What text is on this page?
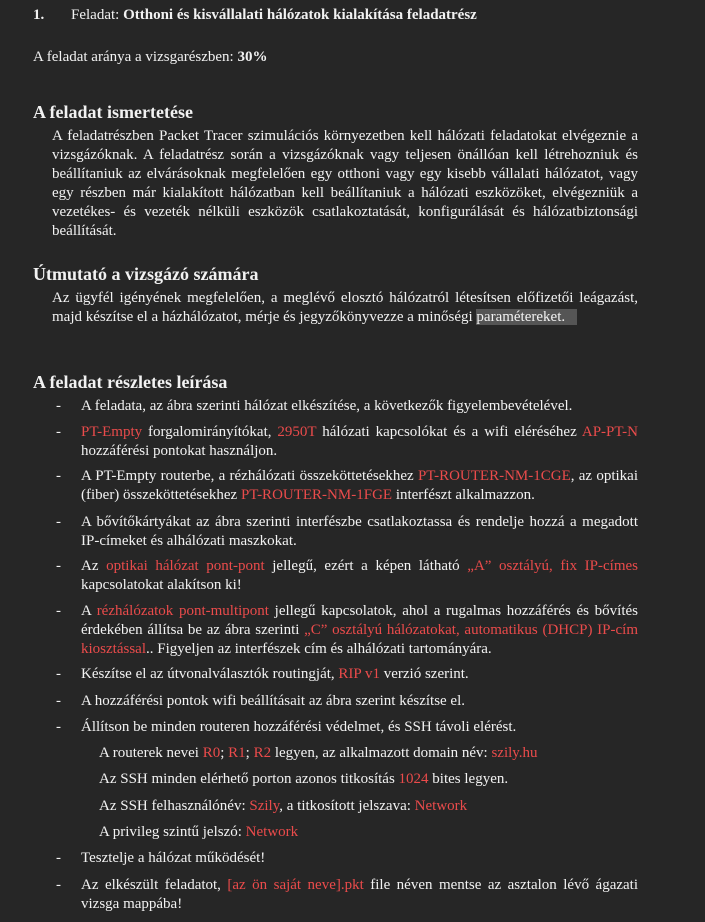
1. Feladat: Otthoni és kisvállalati hálózatok kialakítása feladatrész
A feladat aránya a vizsgarészben: 30%
A feladat ismertetése
A feladatrészben Packet Tracer szimulációs környezetben kell hálózati feladatokat elvégeznie a vizsgázóknak. A feladatrész során a vizsgázóknak vagy teljesen önállóan kell létrehozniuk és beállítaniuk az elvárásoknak megfelelően egy otthoni vagy egy kisebb vállalati hálózatot, vagy egy részben már kialakított hálózatban kell beállítaniuk a hálózati eszközöket, elvégezniük a vezetékes- és vezeték nélküli eszközök csatlakoztatását, konfigurálását és hálózatbiztonsági beállítását.
Útmutató a vizsgázó számára
Az ügyfél igényének megfelelően, a meglévő elosztó hálózatról létesítsen előfizetői leágazást, majd készítse el a házhálózatot, mérje és jegyzőkönyvezze a minőségi paramétereket.
A feladat részletes leírása
- A feladata, az ábra szerinti hálózat elkészítése, a következők figyelembevételével.
- PT-Empty forgalomirányítókat, 2950T hálózati kapcsolókat és a wifi eléréséhez AP-PT-N hozzáférési pontokat használjon.
- A PT-Empty routerbe, a rézhálózati összeköttetésekhez PT-ROUTER-NM-1CGE, az optikai (fiber) összeköttetésekhez PT-ROUTER-NM-1FGE interfészt alkalmazzon.
- A bővítőkártyákat az ábra szerinti interfészbe csatlakoztassa és rendelje hozzá a megadott IP-címeket és alhálózati maszkokat.
- Az optikai hálózat pont-pont jellegű, ezért a képen látható „A” osztályú, fix IP-címes kapcsolatokat alakítson ki!
- A rézhálózatok pont-multipont jellegű kapcsolatok, ahol a rugalmas hozzáférés és bővítés érdekében állítsa be az ábra szerinti „C” osztályú hálózatokat, automatikus (DHCP) IP-cím kiosztással.. Figyeljen az interfészek cím és alhálózati tartományára.
- Készítse el az útvonalválasztók routingját, RIP v1 verzió szerint.
- A hozzáférési pontok wifi beállításait az ábra szerint készítse el.
- Állítson be minden routeren hozzáférési védelmet, és SSH távoli elérést.
- Tesztelje a hálózat működését!
- Az elkészült feladatot, [az ön saját neve].pkt file néven mentse az asztalon lévő ágazati vizsga mappába!
A routerek nevei R0; R1; R2 legyen, az alkalmazott domain név: szily.hu
Az SSH minden elérhető porton azonos titkosítás 1024 bites legyen.
Az SSH felhasználónév: Szily, a titkosított jelszava: Network
A privileg szintű jelszó: Network
